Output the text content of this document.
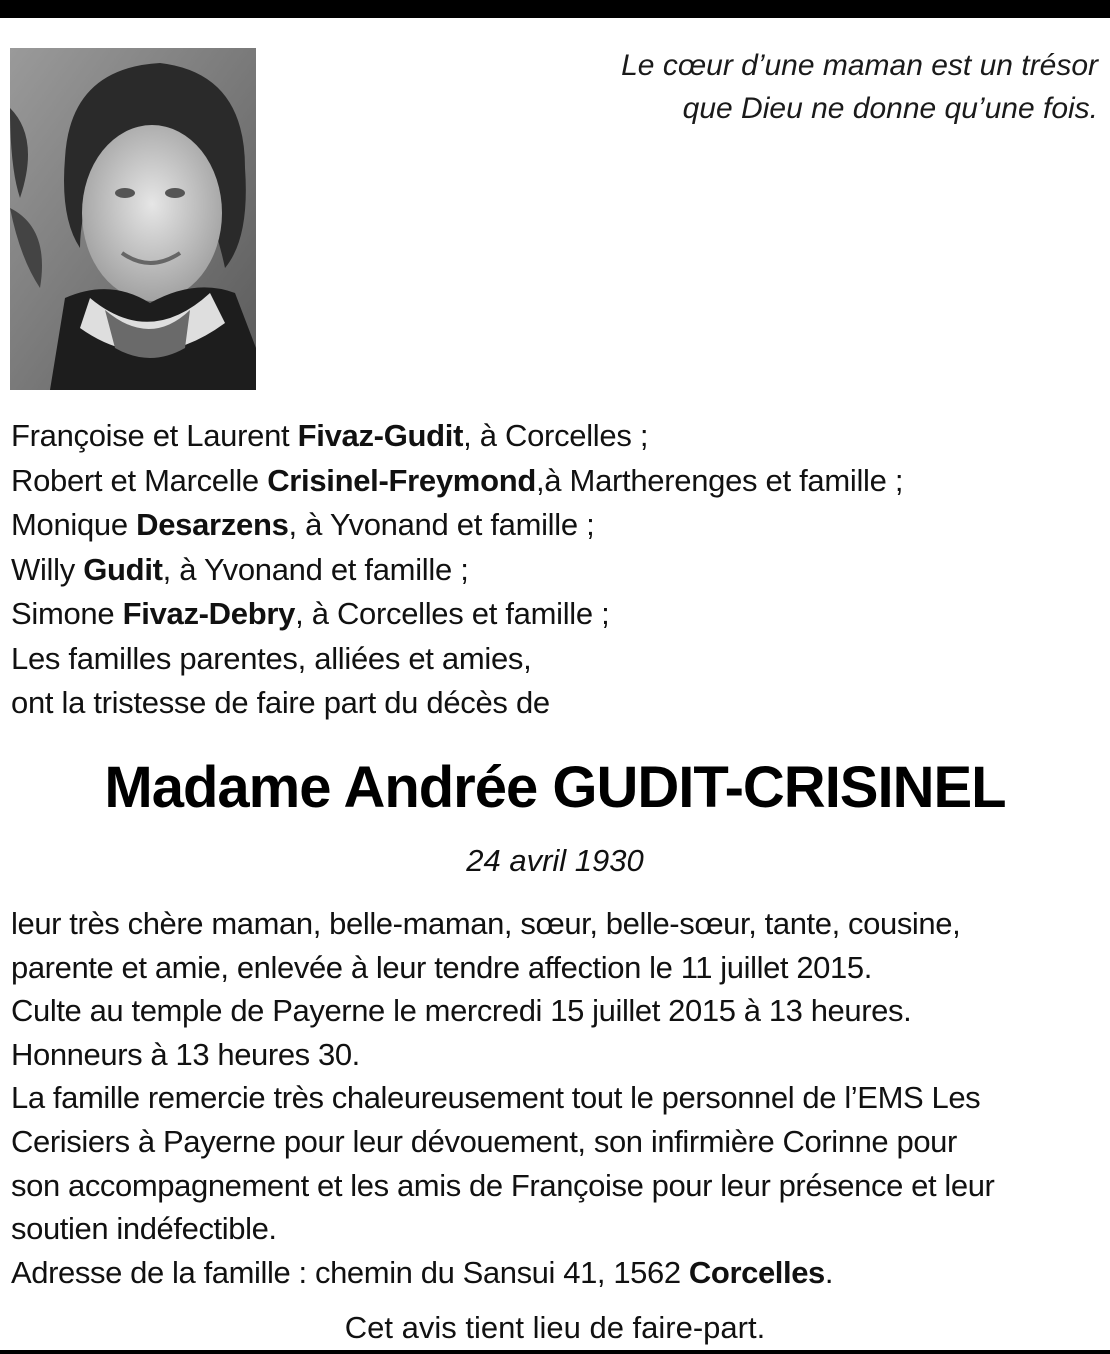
Le cœur d’une maman est un trésor
que Dieu ne donne qu’une fois.
Françoise et Laurent Fivaz-Gudit, à Corcelles ;
Robert et Marcelle Crisinel-Freymond,à Martherenges et famille ;
Monique Desarzens, à Yvonand et famille ;
Willy Gudit, à Yvonand et famille ;
Simone Fivaz-Debry, à Corcelles et famille ;
Les familles parentes, alliées et amies,
ont la tristesse de faire part du décès de
Madame Andrée GUDIT-CRISINEL
24 avril 1930
leur très chère maman, belle-maman, sœur, belle-sœur, tante, cousine,
parente et amie, enlevée à leur tendre affection le 11 juillet 2015.
Culte au temple de Payerne le mercredi 15 juillet 2015 à 13 heures.
Honneurs à 13 heures 30.
La famille remercie très chaleureusement tout le personnel de l’EMS Les
Cerisiers à Payerne pour leur dévouement, son infirmière Corinne pour
son accompagnement et les amis de Françoise pour leur présence et leur
soutien indéfectible.
Adresse de la famille : chemin du Sansui 41, 1562 Corcelles.
Cet avis tient lieu de faire-part.
